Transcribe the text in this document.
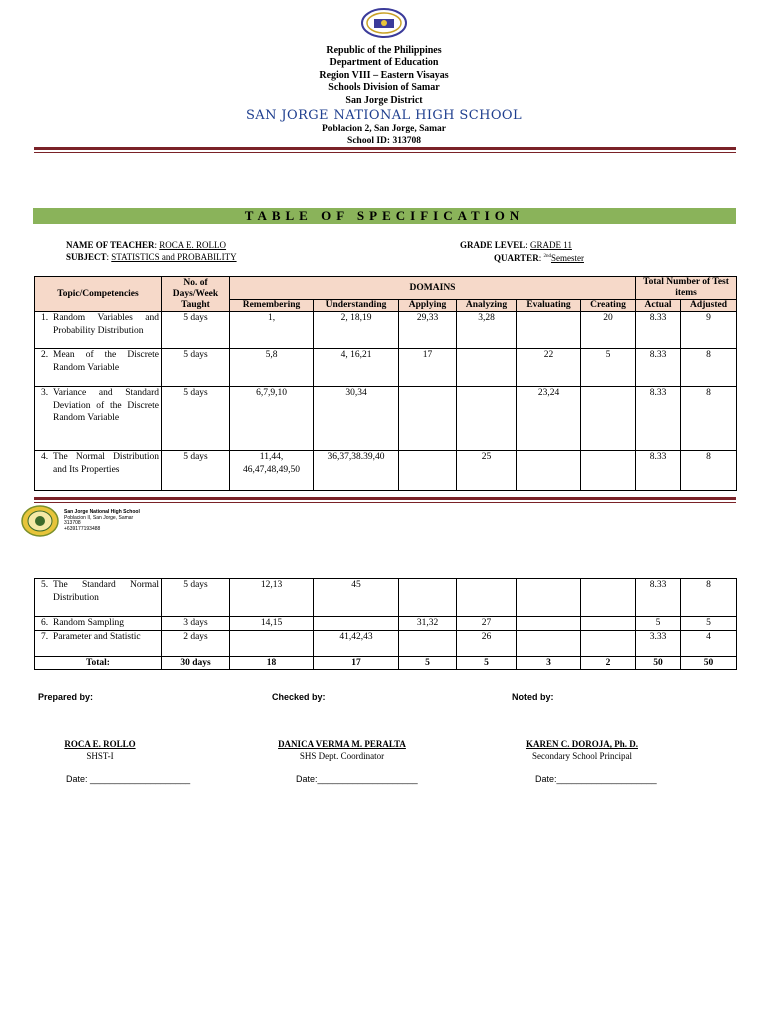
Republic of the Philippines
Department of Education
Region VIII – Eastern Visayas
Schools Division of Samar
San Jorge District
SAN JORGE NATIONAL HIGH SCHOOL
Poblacion 2, San Jorge, Samar
School ID: 313708
TABLE OF SPECIFICATION
NAME OF TEACHER: ROCA E. ROLLO
SUBJECT: STATISTICS and PROBABILITY
GRADE LEVEL: GRADE 11
QUARTER: $^{2nd}$Semester
Topic/Competencies	No. of Days/Week Taught	DOMAINS						Total Number of Test items	
		Remembering	Understanding	Applying	Analyzing	Evaluating	Creating	Actual	Adjusted

1. Random Variables and Probability Distribution	5 days	1,	2, 18,19	29,33	3,28		20	8.33	9

2. Mean of the Discrete Random Variable	5 days	5,8	4, 16,21	17		22	5	8.33	8

3. Variance and Standard Deviation of the Discrete Random Variable	5 days	6,7,9,10	30,34			23,24		8.33	8

4. The Normal Distribution and Its Properties	5 days	11,44, 46,47,48,49,50	36,37,38.39,40		25			8.33	8
San Jorge National High School
Poblacion II, San Jorge, Samar
313708
+639177193488
5. The Standard Normal Distribution	5 days	12,13	45					8.33	8

6. Random Sampling	3 days	14,15		31,32	27			5	5

7. Parameter and Statistic	2 days		41,42,43		26			3.33	4
Total:	30 days	18	17	5	5	3	2	50	50
Prepared by:	Checked by:	Noted by:
ROCA E. ROLLO
SHST-I
DANICA VERMA M. PERALTA
SHS Dept. Coordinator
KAREN C. DOROJA, Ph. D.
Secondary School Principal
Date: ____________________	Date:____________________	Date:____________________
